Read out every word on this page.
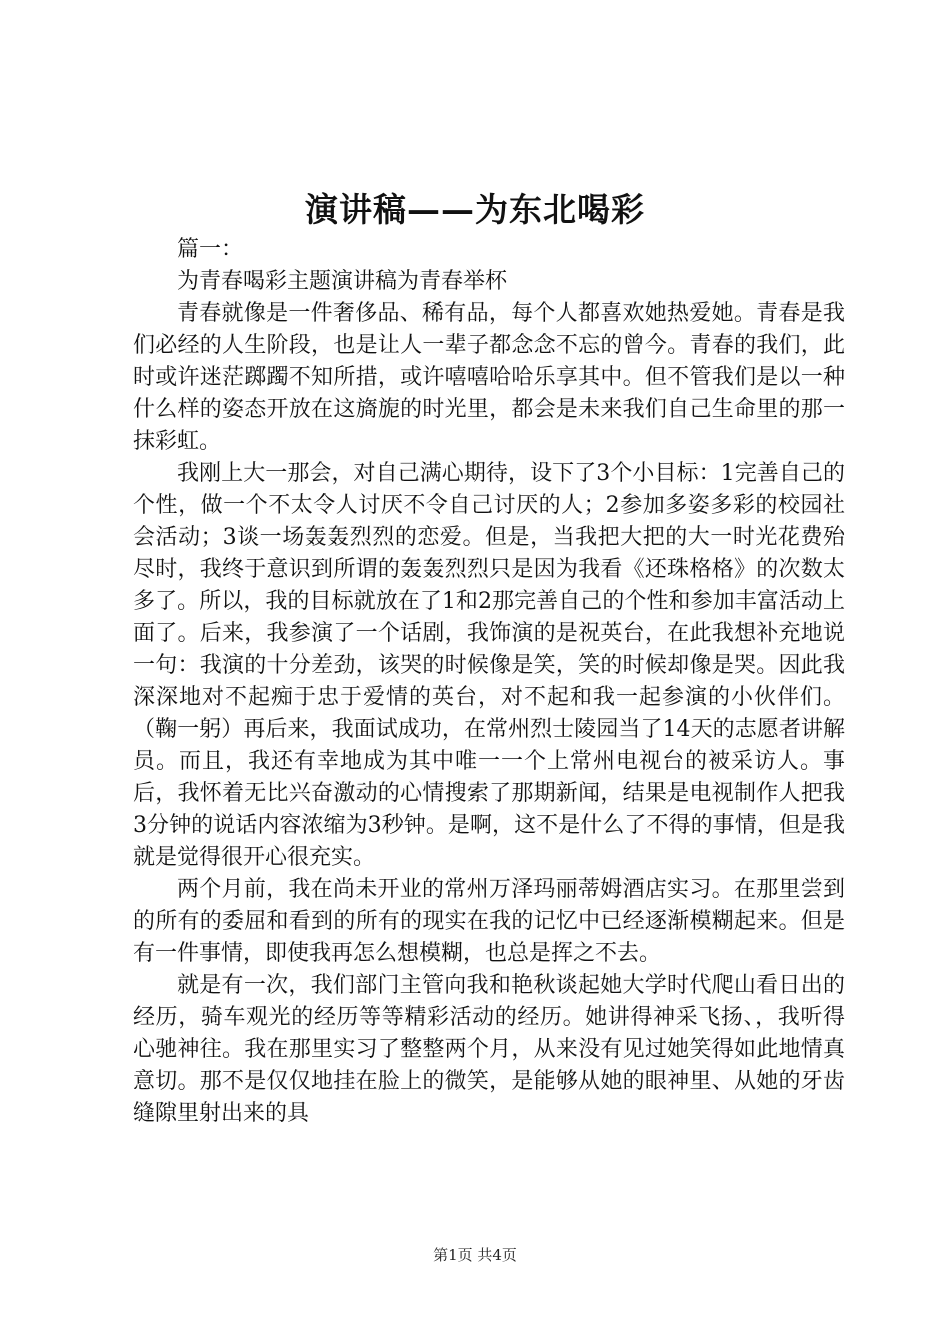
演讲稿——为东北喝彩

篇一：

为青春喝彩主题演讲稿为青春举杯

青春就像是一件奢侈品、稀有品，每个人都喜欢她热爱她。青春是我们必经的人生阶段，也是让人一辈子都念念不忘的曾今。青春的我们，此时或许迷茫踯躅不知所措，或许嘻嘻哈哈乐享其中。但不管我们是以一种什么样的姿态开放在这旖旎的时光里，都会是未来我们自己生命里的那一抹彩虹。

我刚上大一那会，对自己满心期待，设下了3个小目标：1完善自己的个性，做一个不太令人讨厌不令自己讨厌的人；2参加多姿多彩的校园社会活动；3谈一场轰轰烈烈的恋爱。但是，当我把大把的大一时光花费殆尽时，我终于意识到所谓的轰轰烈烈只是因为我看《还珠格格》的次数太多了。所以，我的目标就放在了1和2那完善自己的个性和参加丰富活动上面了。后来，我参演了一个话剧，我饰演的是祝英台，在此我想补充地说一句：我演的十分差劲，该哭的时候像是笑，笑的时候却像是哭。因此我深深地对不起痴于忠于爱情的英台，对不起和我一起参演的小伙伴们。（鞠一躬）再后来，我面试成功，在常州烈士陵园当了14天的志愿者讲解员。而且，我还有幸地成为其中唯一一个上常州电视台的被采访人。事后，我怀着无比兴奋激动的心情搜索了那期新闻，结果是电视制作人把我3分钟的说话内容浓缩为3秒钟。是啊，这不是什么了不得的事情，但是我就是觉得很开心很充实。

两个月前，我在尚未开业的常州万泽玛丽蒂姆酒店实习。在那里尝到的所有的委屈和看到的所有的现实在我的记忆中已经逐渐模糊起来。但是有一件事情，即使我再怎么想模糊，也总是挥之不去。

就是有一次，我们部门主管向我和艳秋谈起她大学时代爬山看日出的经历，骑车观光的经历等等精彩活动的经历。她讲得神采飞扬、，我听得心驰神往。我在那里实习了整整两个月，从来没有见过她笑得如此地情真意切。那不是仅仅地挂在脸上的微笑，是能够从她的眼神里、从她的牙齿缝隙里射出来的具

第1页 共4页
